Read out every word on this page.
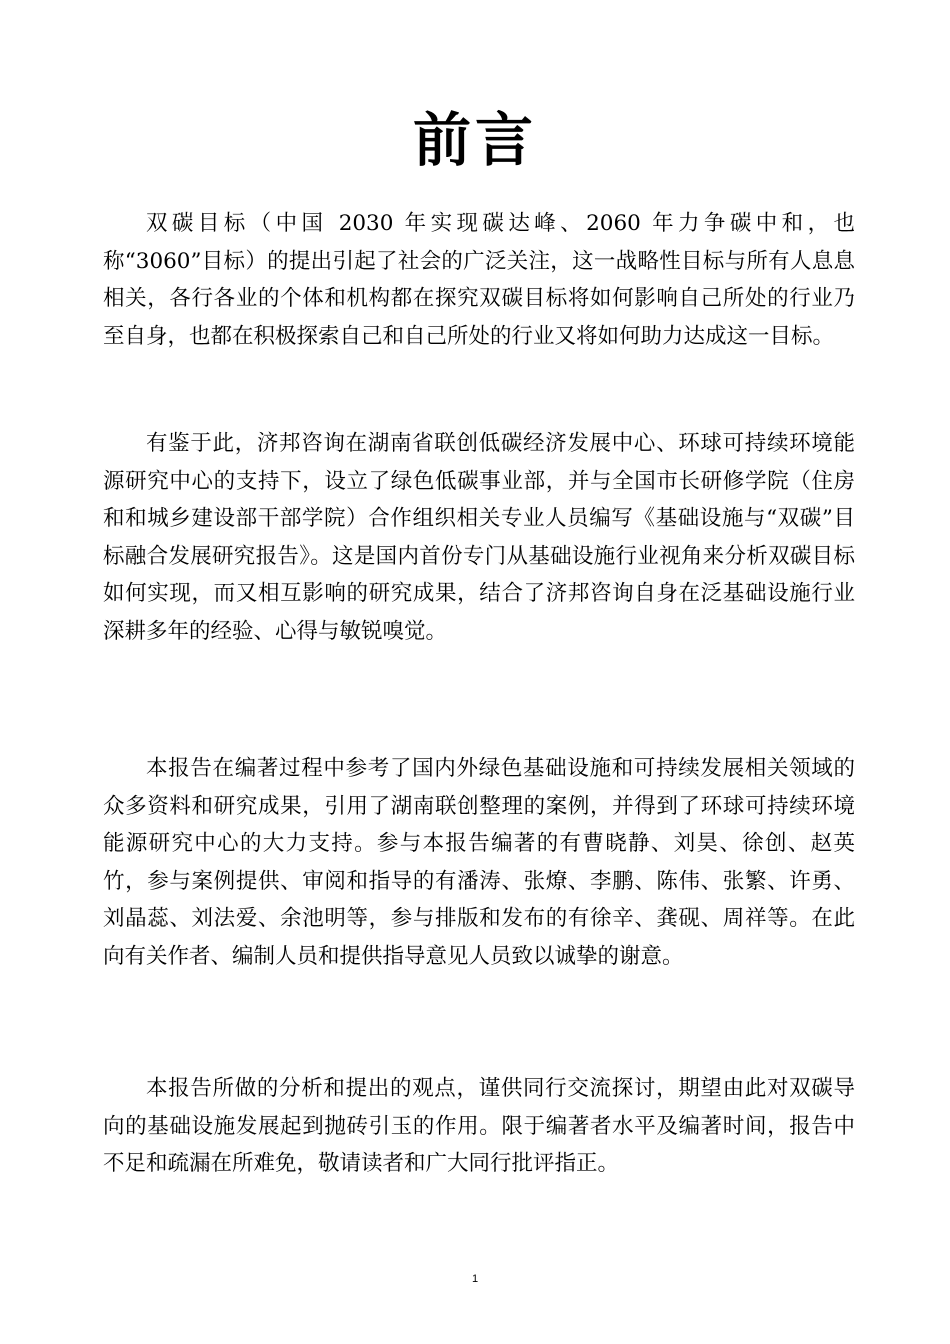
前言

双碳目标（中国 2030 年实现碳达峰、2060 年力争碳中和，也称“3060”目标）的提出引起了社会的广泛关注，这一战略性目标与所有人息息相关，各行各业的个体和机构都在探究双碳目标将如何影响自己所处的行业乃至自身，也都在积极探索自己和自己所处的行业又将如何助力达成这一目标。

有鉴于此，济邦咨询在湖南省联创低碳经济发展中心、环球可持续环境能源研究中心的支持下，设立了绿色低碳事业部，并与全国市长研修学院（住房和和城乡建设部干部学院）合作组织相关专业人员编写《基础设施与“双碳”目标融合发展研究报告》。这是国内首份专门从基础设施行业视角来分析双碳目标如何实现，而又相互影响的研究成果，结合了济邦咨询自身在泛基础设施行业深耕多年的经验、心得与敏锐嗅觉。

本报告在编著过程中参考了国内外绿色基础设施和可持续发展相关领域的众多资料和研究成果，引用了湖南联创整理的案例，并得到了环球可持续环境能源研究中心的大力支持。参与本报告编著的有曹晓静、刘昊、徐创、赵英竹，参与案例提供、审阅和指导的有潘涛、张燎、李鹏、陈伟、张繁、许勇、刘晶蕊、刘法爱、余池明等，参与排版和发布的有徐辛、龚砚、周祥等。在此向有关作者、编制人员和提供指导意见人员致以诚挚的谢意。

本报告所做的分析和提出的观点，谨供同行交流探讨，期望由此对双碳导向的基础设施发展起到抛砖引玉的作用。限于编著者水平及编著时间，报告中不足和疏漏在所难免，敬请读者和广大同行批评指正。

1
